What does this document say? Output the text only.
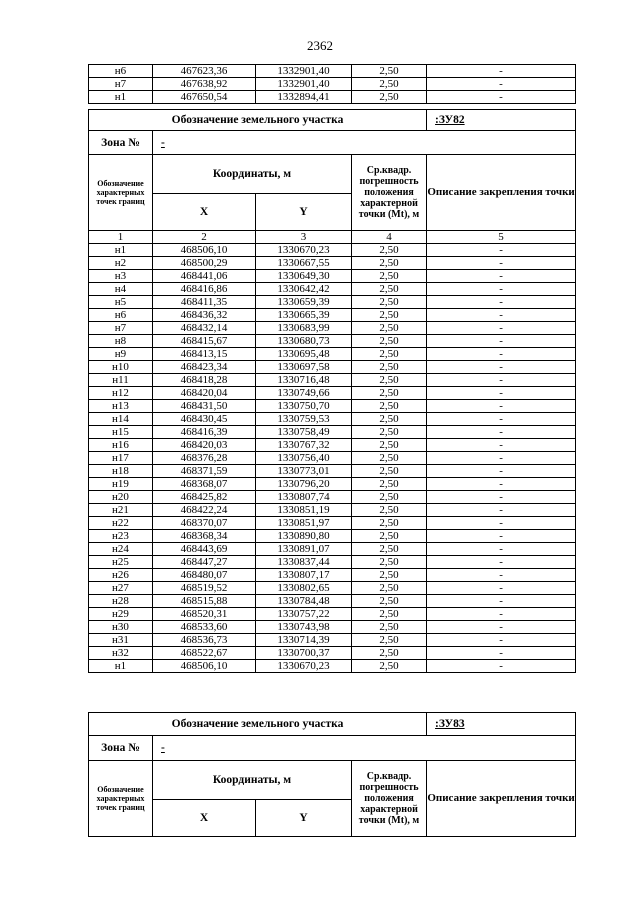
2362
н6	467623,36	1332901,40	2,50	-
н7	467638,92	1332901,40	2,50	-
н1	467650,54	1332894,41	2,50	-
Обозначение земельного участка				:ЗУ82
Зона №	-			
Обозначение характерных точек границ	Координаты, м		Ср.квадр. погрешность положения характерной точки (Mt), м	Описание закрепления точки
	X	Y		
1	2	3	4	5
н1	468506,10	1330670,23	2,50	-
н2	468500,29	1330667,55	2,50	-
н3	468441,06	1330649,30	2,50	-
н4	468416,86	1330642,42	2,50	-
н5	468411,35	1330659,39	2,50	-
н6	468436,32	1330665,39	2,50	-
н7	468432,14	1330683,99	2,50	-
н8	468415,67	1330680,73	2,50	-
н9	468413,15	1330695,48	2,50	-
н10	468423,34	1330697,58	2,50	-
н11	468418,28	1330716,48	2,50	-
н12	468420,04	1330749,66	2,50	-
н13	468431,50	1330750,70	2,50	-
н14	468430,45	1330759,53	2,50	-
н15	468416,39	1330758,49	2,50	-
н16	468420,03	1330767,32	2,50	-
н17	468376,28	1330756,40	2,50	-
н18	468371,59	1330773,01	2,50	-
н19	468368,07	1330796,20	2,50	-
н20	468425,82	1330807,74	2,50	-
н21	468422,24	1330851,19	2,50	-
н22	468370,07	1330851,97	2,50	-
н23	468368,34	1330890,80	2,50	-
н24	468443,69	1330891,07	2,50	-
н25	468447,27	1330837,44	2,50	-
н26	468480,07	1330807,17	2,50	-
н27	468519,52	1330802,65	2,50	-
н28	468515,88	1330784,48	2,50	-
н29	468520,31	1330757,22	2,50	-
н30	468533,60	1330743,98	2,50	-
н31	468536,73	1330714,39	2,50	-
н32	468522,67	1330700,37	2,50	-
н1	468506,10	1330670,23	2,50	-
Обозначение земельного участка				:ЗУ83
Зона №	-			
Обозначение характерных точек границ	Координаты, м		Ср.квадр. погрешность положения характерной точки (Mt), м	Описание закрепления точки
	X	Y		
